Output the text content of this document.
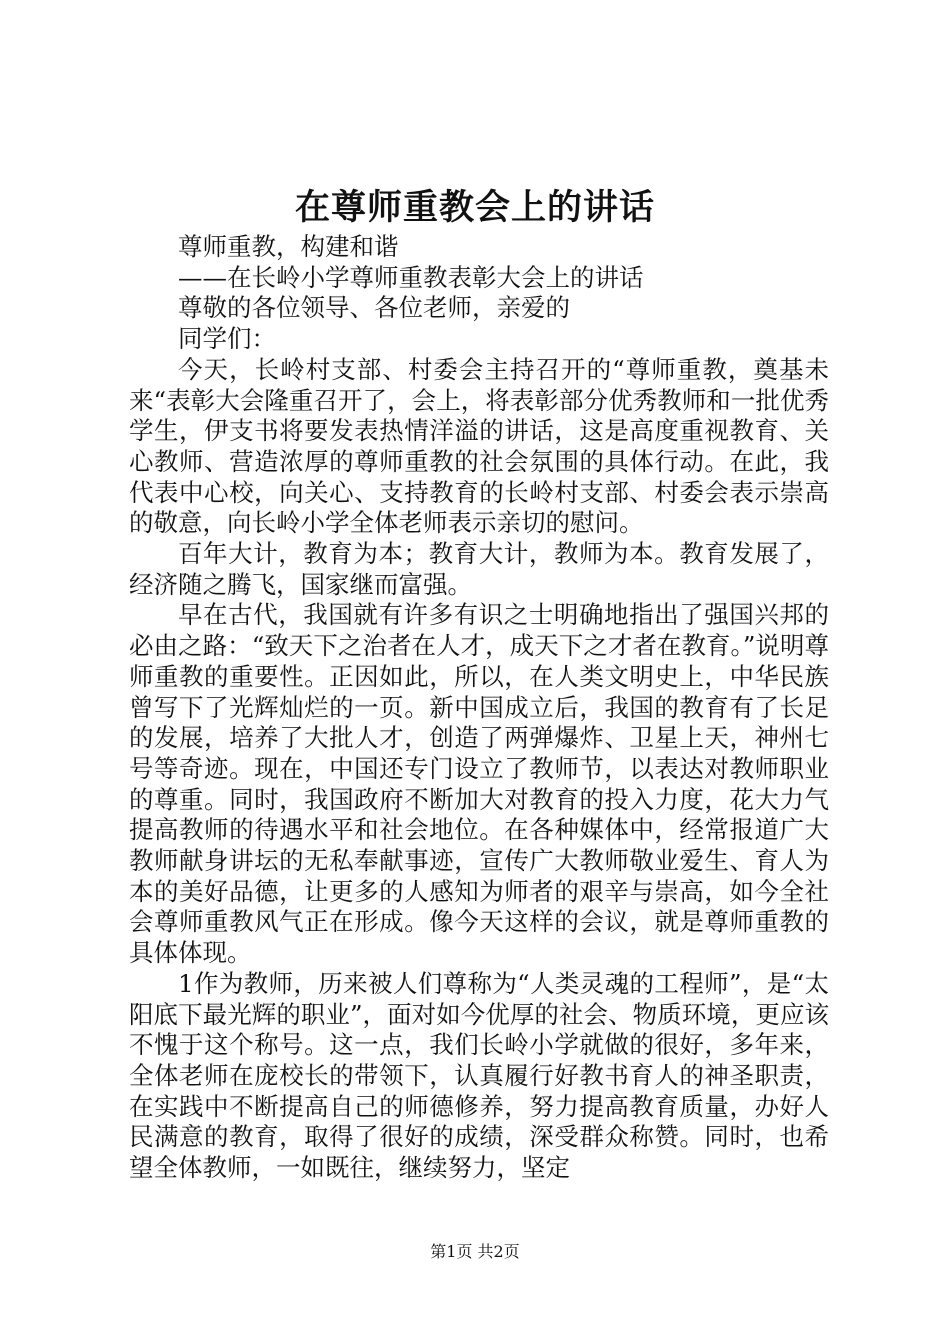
在尊师重教会上的讲话

尊师重教，构建和谐

——在长岭小学尊师重教表彰大会上的讲话

尊敬的各位领导、各位老师，亲爱的

同学们：

今天，长岭村支部、村委会主持召开的“尊师重教，奠基未来“表彰大会隆重召开了，会上，将表彰部分优秀教师和一批优秀学生，伊支书将要发表热情洋溢的讲话，这是高度重视教育、关心教师、营造浓厚的尊师重教的社会氛围的具体行动。在此，我代表中心校，向关心、支持教育的长岭村支部、村委会表示崇高的敬意，向长岭小学全体老师表示亲切的慰问。

百年大计，教育为本；教育大计，教师为本。教育发展了，经济随之腾飞，国家继而富强。

早在古代，我国就有许多有识之士明确地指出了强国兴邦的必由之路：“致天下之治者在人才，成天下之才者在教育。”说明尊师重教的重要性。正因如此，所以，在人类文明史上，中华民族曾写下了光辉灿烂的一页。新中国成立后，我国的教育有了长足的发展，培养了大批人才，创造了两弹爆炸、卫星上天，神州七号等奇迹。现在，中国还专门设立了教师节，以表达对教师职业的尊重。同时，我国政府不断加大对教育的投入力度，花大力气提高教师的待遇水平和社会地位。在各种媒体中，经常报道广大教师献身讲坛的无私奉献事迹，宣传广大教师敬业爱生、育人为本的美好品德，让更多的人感知为师者的艰辛与崇高，如今全社会尊师重教风气正在形成。像今天这样的会议，就是尊师重教的具体体现。

1作为教师，历来被人们尊称为“人类灵魂的工程师”，是“太阳底下最光辉的职业”，面对如今优厚的社会、物质环境，更应该不愧于这个称号。这一点，我们长岭小学就做的很好，多年来，全体老师在庞校长的带领下，认真履行好教书育人的神圣职责，在实践中不断提高自己的师德修养，努力提高教育质量，办好人民满意的教育，取得了很好的成绩，深受群众称赞。同时，也希望全体教师，一如既往，继续努力，坚定

第1页 共2页
